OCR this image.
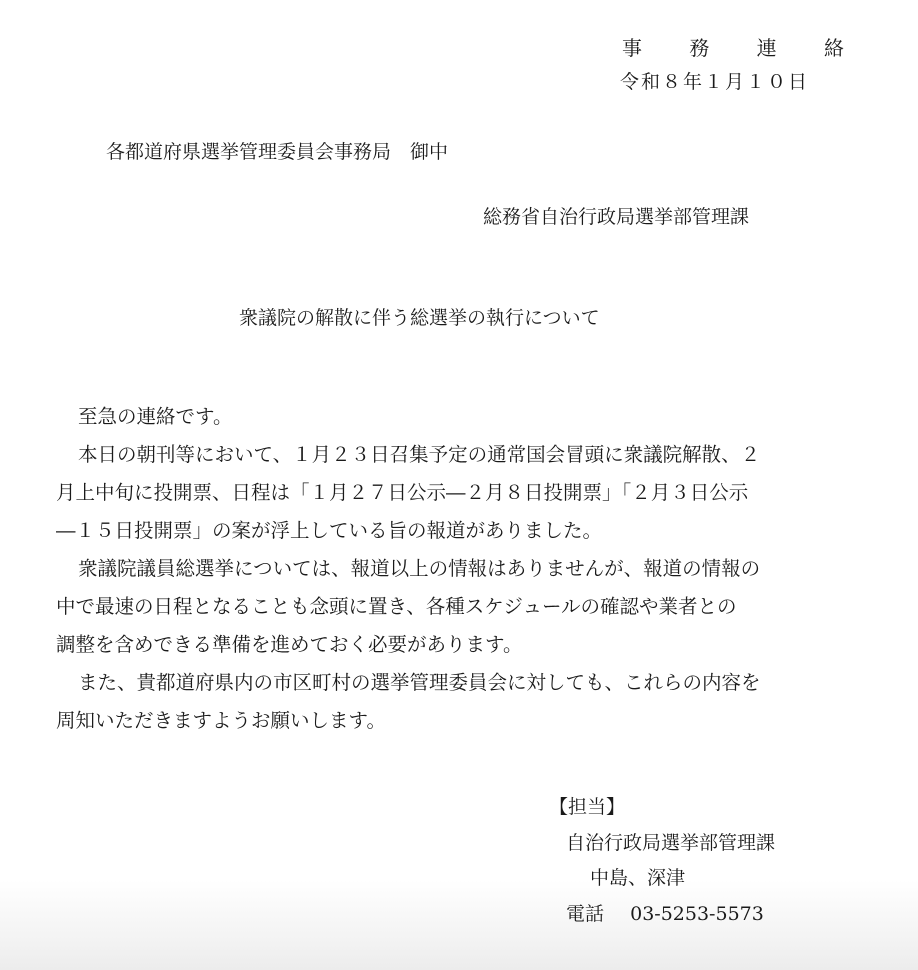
事 務 連 絡
令和８年１月１０日
各都道府県選挙管理委員会事務局　御中
総務省自治行政局選挙部管理課
衆議院の解散に伴う総選挙の執行について
至急の連絡です。
本日の朝刊等において、１月２３日召集予定の通常国会冒頭に衆議院解散、２
月上中旬に投開票、日程は「１月２７日公示―２月８日投開票」「２月３日公示
―１５日投開票」の案が浮上している旨の報道がありました。
衆議院議員総選挙については、報道以上の情報はありませんが、報道の情報の
中で最速の日程となることも念頭に置き、各種スケジュールの確認や業者との
調整を含めできる準備を進めておく必要があります。
また、貴都道府県内の市区町村の選挙管理委員会に対しても、これらの内容を
周知いただきますようお願いします。
【担当】
自治行政局選挙部管理課
中島、深津
電話 03-5253-5573
